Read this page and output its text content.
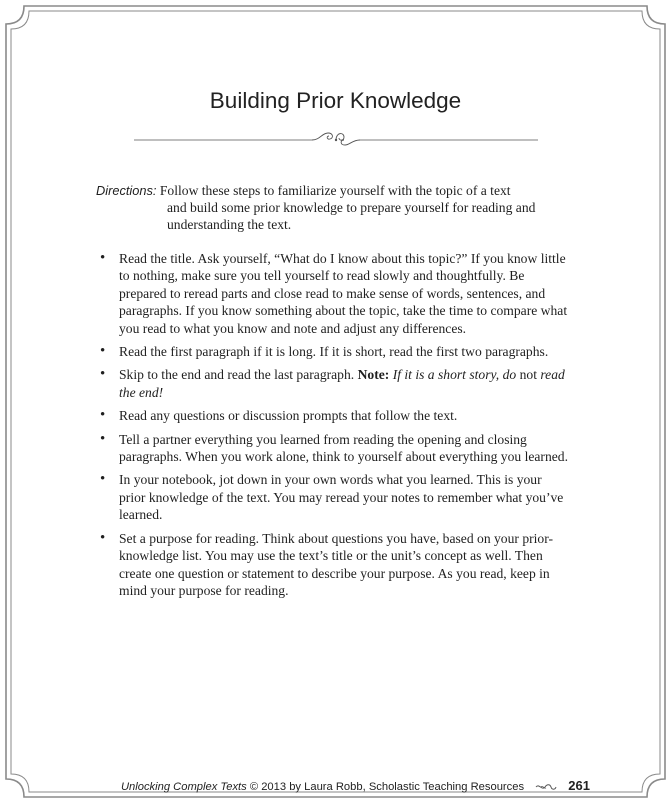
Building Prior Knowledge
Directions: Follow these steps to familiarize yourself with the topic of a text
and build some prior knowledge to prepare yourself for reading and understanding the text.
• Read the title. Ask yourself, “What do I know about this topic?” If you know little to nothing, make sure you tell yourself to read slowly and thoughtfully. Be prepared to reread parts and close read to make sense of words, sentences, and paragraphs. If you know something about the topic, take the time to compare what you read to what you know and note and adjust any differences.
• Read the first paragraph if it is long. If it is short, read the first two paragraphs.
• Skip to the end and read the last paragraph. Note: If it is a short story, do not read the end!
• Read any questions or discussion prompts that follow the text.
• Tell a partner everything you learned from reading the opening and closing paragraphs. When you work alone, think to yourself about everything you learned.
• In your notebook, jot down in your own words what you learned. This is your prior knowledge of the text. You may reread your notes to remember what you’ve learned.
• Set a purpose for reading. Think about questions you have, based on your prior-knowledge list. You may use the text’s title or the unit’s concept as well. Then create one question or statement to describe your purpose. As you read, keep in mind your purpose for reading.
Unlocking Complex Texts © 2013 by Laura Robb, Scholastic Teaching Resources	261
